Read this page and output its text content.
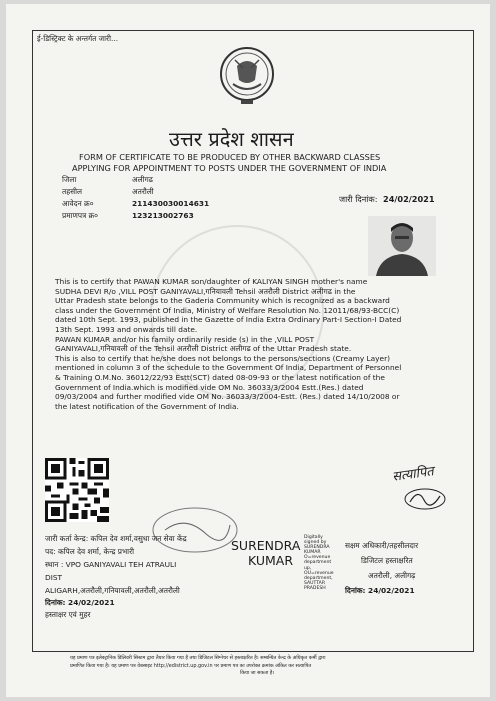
ई-डिस्ट्रिक्ट के अन्तर्गत जारी...
उत्तर प्रदेश शासन
FORM OF CERTIFICATE TO BE PRODUCED BY OTHER BACKWARD CLASSES
APPLYING FOR APPOINTMENT TO POSTS UNDER THE GOVERNMENT OF INDIA
जिला	अलीगढ
तहसील	अतरौली
आवेदन क्र०	211430030014631
प्रमाणपत्र क्र०	123213002763
जारी दिनांक: 24/02/2021
This is to certify that PAWAN KUMAR son/daughter of KALIYAN SINGH mother's name
SUDHA DEVI R/o ,VILL POST GANIYAVALI,गनियावली Tehsil अतरौली District अलीगढ in the
Uttar Pradesh state belongs to the Gaderia Community which is recognized as a backward
class under the Government Of India, Ministry of Welfare Resolution No. 12011/68/93-BCC(C)
dated 10th Sept. 1993, published in the Gazette of India Extra Ordinary Part-I Section-I Dated
13th Sept. 1993 and onwards till date.
PAWAN KUMAR and/or his family ordinarily reside (s) in the ,VILL POST
GANIYAVALI,गनियावली of the Tehsil अतरौली District अलीगढ of the Uttar Pradesh state.
This is also to certify that he/she does not belongs to the persons/sections (Creamy Layer)
mentioned in column 3 of the schedule to the Government Of India, Department of Personnel
& Training O.M.No. 36012/22/93 Estt(SCT) dated 08-09-93 or the latest notification of the
Government of India.which is modified vide OM No. 36033/3/2004 Estt.(Res.) dated
09/03/2004 and further modified vide OM No. 36033/3/2004-Estt. (Res.) dated 14/10/2008 or
the latest notification of the Government of India.
जारी कर्ता केन्द्र: कपिल देव शर्मा,वसुधा जन सेवा केंद्र
पद: कपिल देव शर्मा, केन्द्र प्रभारी
स्थान : VPO GANIYAVALI TEH ATRAULI
DIST
ALIGARH,अतरौली,गनियावली,अतरौली,अतरौली
दिनांक: 24/02/2021
हस्ताक्षर एवं मुहर
SURENDRA
KUMAR
Digitally
signed by
SURENDRA
KUMAR
O=revenue
department
up,
OU=revenue
department,
SAUTTAR
PRADESH
सक्षम अधिकारी/तहसीलदार
डिजिटल हस्ताक्षरित
अतरौली, अलीगढ़
दिनांक: 24/02/2021
सत्यापित
यह प्रमाण पत्र इलेक्ट्रानिक डिलिवरी सिस्टम द्वारा तैयार किया गया है तथा डिजिटल सिग्नेचर से हस्ताक्षरित है। सम्बन्धित केन्द्र के अधिकृत कर्मी द्वारा
प्रमाणित किया गया है। यह प्रमाण पत्र वेबसाइट http://edistrict.up.gov.in पर प्रमाण पत्र का उपरोक्त क्रमांक अंकित कर सत्यापित
किया जा सकता है।
